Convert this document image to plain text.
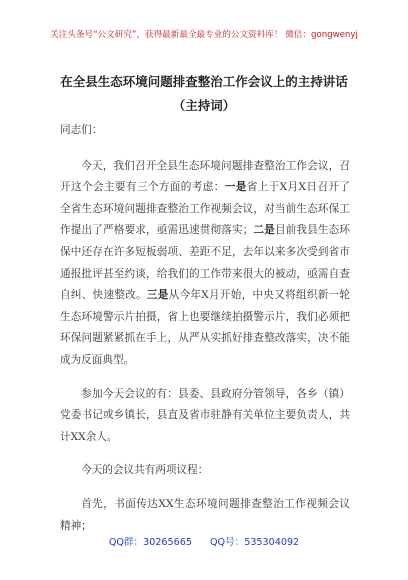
关注头条号“公文研究”，获得最新最全最专业的公文资料库！ 微信：gongwenyj
在全县生态环境问题排查整治工作会议上的主持讲话（主持词）

同志们：

今天，我们召开全县生态环境问题排查整治工作会议，召开这个会主要有三个方面的考虑：一是省上于X月X日召开了全省生态环境问题排查整治工作视频会议，对当前生态环保工作提出了严格要求，亟需迅速贯彻落实；二是目前我县生态环保中还存在许多短板弱项、差距不足，去年以来多次受到省市通报批评甚至约谈，给我们的工作带来很大的被动，亟需自查自纠、快速整改。三是从今年X月开始，中央又将组织新一轮生态环境警示片拍摄，省上也要继续拍摄警示片，我们必须把环保问题紧紧抓在手上，从严从实抓好排查整改落实，决不能成为反面典型。

参加今天会议的有：县委、县政府分管领导，各乡（镇）党委书记或乡镇长，县直及省市驻静有关单位主要负责人，共计XX余人。

今天的会议共有两项议程：

首先，书面传达XX生态环境问题排查整治工作视频会议精神；

QQ群：30265665 QQ号：535304092
